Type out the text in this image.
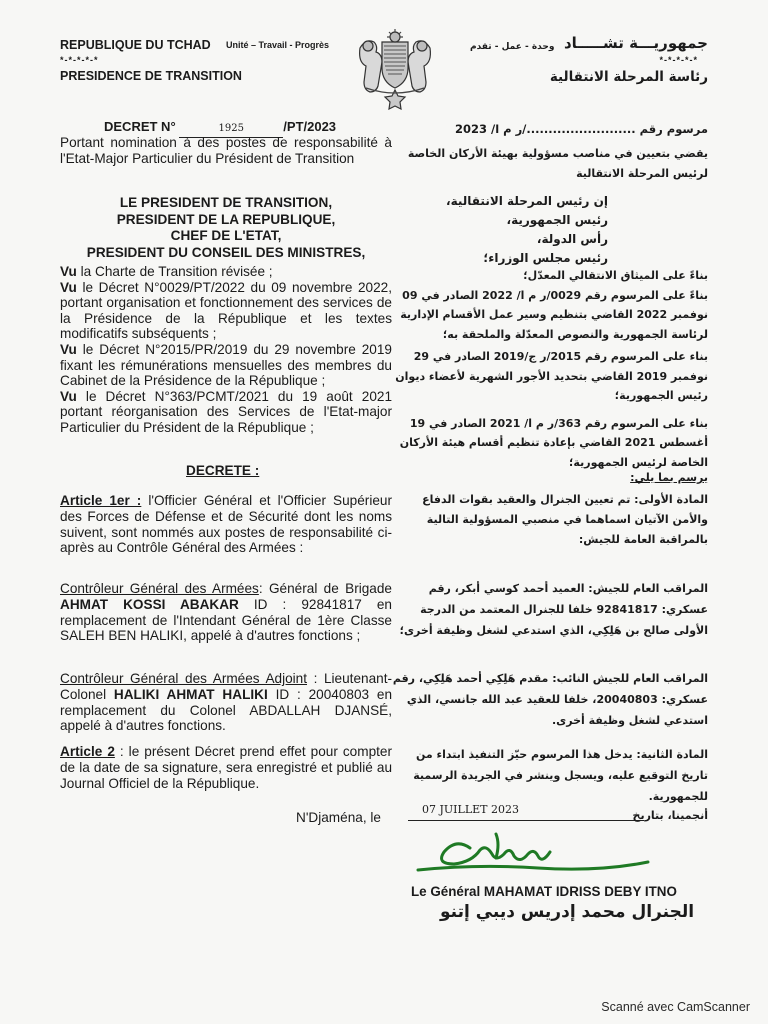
REPUBLIQUE DU TCHAD Unité – Travail - Progrès
*-*-*-*-*
PRESIDENCE DE TRANSITION
وحدة - عمل - تقدم جمهوريـــة تشـــــاد
*-*-*-*-*
رئاسة المرحلة الانتقالية
DECRET N°	1925	/PT/2023
Portant nomination à des postes de responsabilité à l'Etat-Major Particulier du Président de Transition
LE PRESIDENT DE TRANSITION,
PRESIDENT DE LA REPUBLIQUE,
CHEF DE L'ETAT,
PRESIDENT DU CONSEIL DES MINISTRES,
Vu la Charte de Transition révisée ;
Vu le Décret N°0029/PT/2022 du 09 novembre 2022, portant organisation et fonctionnement des services de la Présidence de la République et les textes modificatifs subséquents ;
Vu le Décret N°2015/PR/2019 du 29 novembre 2019 fixant les rémunérations mensuelles des membres du Cabinet de la Présidence de la République ;
Vu le Décret N°363/PCMT/2021 du 19 août 2021 portant réorganisation des Services de l'Etat-major Particulier du Président de la République ;
DECRETE :
Article 1er : l'Officier Général et l'Officier Supérieur des Forces de Défense et de Sécurité dont les noms suivent, sont nommés aux postes de responsabilité ci-après au Contrôle Général des Armées :
Contrôleur Général des Armées: Général de Brigade AHMAT KOSSI ABAKAR ID : 92841817 en remplacement de l'Intendant Général de 1ère Classe SALEH BEN HALIKI, appelé à d'autres fonctions ;
Contrôleur Général des Armées Adjoint : Lieutenant-Colonel HALIKI AHMAT HALIKI ID : 20040803 en remplacement du Colonel ABDALLAH DJANSÉ, appelé à d'autres fonctions.
Article 2 : le présent Décret prend effet pour compter de la date de sa signature, sera enregistré et publié au Journal Officiel de la République.
N'Djaména, le
مرسوم رقم ........................./ر م ا/ 2023
يقضي بتعيين في مناصب مسؤولية بهيئة الأركان الخاصة لرئيس المرحلة الانتقالية
إن رئيس المرحلة الانتقالية،
رئيس الجمهورية،
رأس الدولة،
رئيس مجلس الوزراء؛
بناءً على الميثاق الانتقالي المعدّل؛
بناءً على المرسوم رقم 0029/ر م ا/ 2022 الصادر في 09 نوفمبر 2022 القاضي بتنظيم وسير عمل الأقسام الإدارية لرئاسة الجمهورية والنصوص المعدّلة والملحقة به؛
بناء على المرسوم رقم 2015/ر ج/2019 الصادر في 29 نوفمبر 2019 القاضي بتحديد الأجور الشهرية لأعضاء ديوان رئيس الجمهورية؛
بناء على المرسوم رقم 363/ر م ا/ 2021 الصادر في 19 أغسطس 2021 القاضي بإعادة تنظيم أقسام هيئة الأركان الخاصة لرئيس الجمهورية؛
يرسم بما يلي:
المادة الأولى: تم تعيين الجنرال والعقيد بقوات الدفاع والأمن الآتيان اسماهما في منصبي المسؤولية التالية بالمراقبة العامة للجيش:
المراقب العام للجيش: العميد أحمد كوسي أبكر، رقم عسكري: 92841817 خلفا للجنرال المعتمد من الدرجة الأولى صالح بن هَلِكِي، الذي استدعي لشغل وظيفة أخرى؛
المراقب العام للجيش النائب: مقدم هَلِكِي أحمد هَلِكِي، رقم عسكري: 20040803، خلفا للعقيد عبد الله جانسي، الذي استدعي لشغل وظيفة أخرى.
المادة الثانية: يدخل هذا المرسوم حيّز التنفيذ ابتداء من تاريخ التوقيع عليه، ويسجل وينشر في الجريدة الرسمية للجمهورية.
07 JUILLET 2023	أنجمينا، بتاريخ
Le Général MAHAMAT IDRISS DEBY ITNO
الجنرال محمد إدريس ديبي إتنو
Scanné avec CamScanner
